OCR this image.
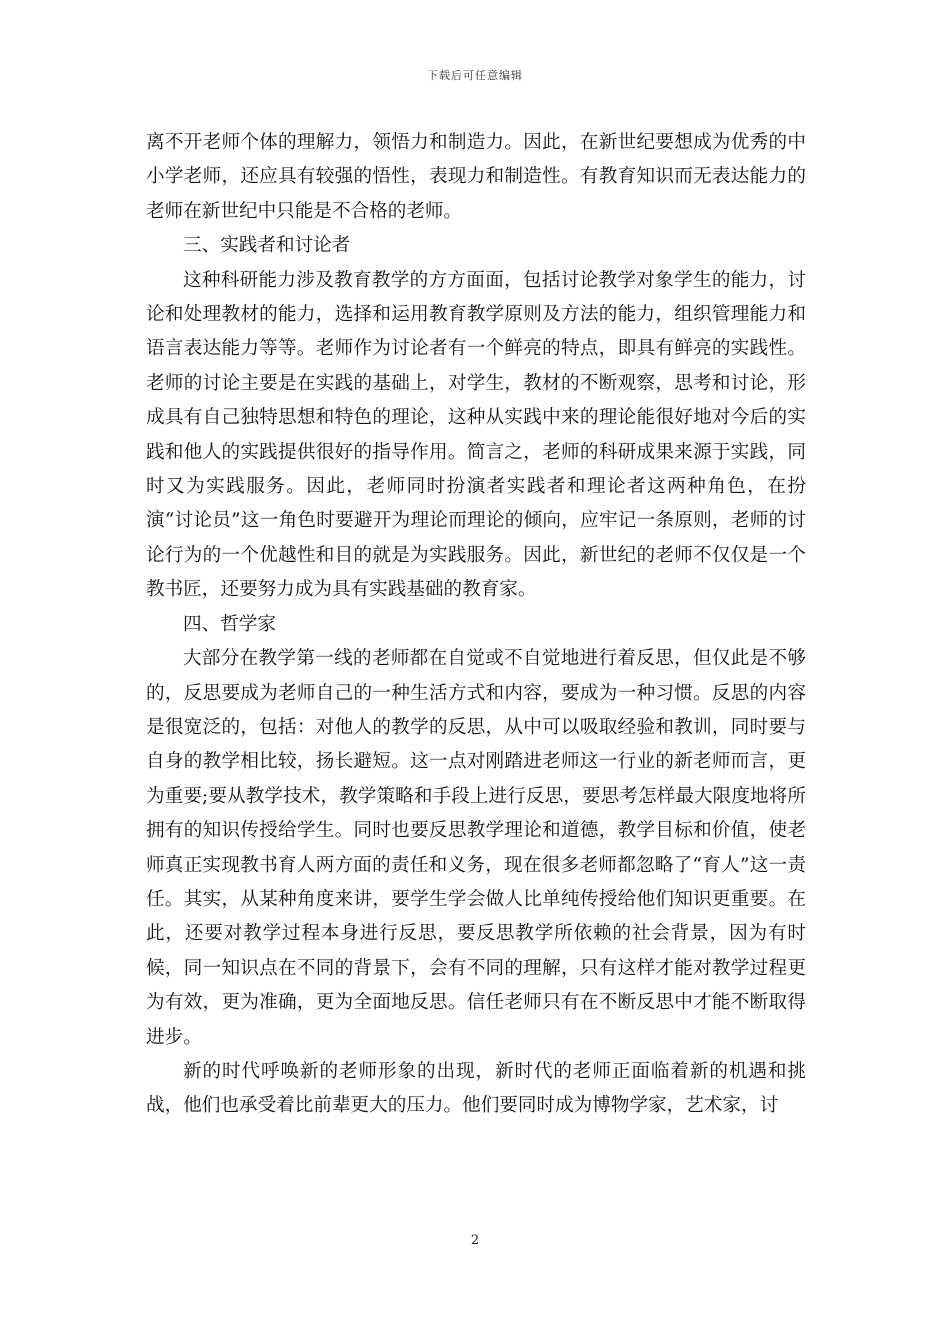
下载后可任意编辑

离不开老师个体的理解力，领悟力和制造力。因此，在新世纪要想成为优秀的中小学老师，还应具有较强的悟性，表现力和制造性。有教育知识而无表达能力的老师在新世纪中只能是不合格的老师。

三、实践者和讨论者

这种科研能力涉及教育教学的方方面面，包括讨论教学对象学生的能力，讨论和处理教材的能力，选择和运用教育教学原则及方法的能力，组织管理能力和语言表达能力等等。老师作为讨论者有一个鲜亮的特点，即具有鲜亮的实践性。老师的讨论主要是在实践的基础上，对学生，教材的不断观察，思考和讨论，形成具有自己独特思想和特色的理论，这种从实践中来的理论能很好地对今后的实践和他人的实践提供很好的指导作用。简言之，老师的科研成果来源于实践，同时又为实践服务。因此，老师同时扮演者实践者和理论者这两种角色，在扮演“讨论员”这一角色时要避开为理论而理论的倾向，应牢记一条原则，老师的讨论行为的一个优越性和目的就是为实践服务。因此，新世纪的老师不仅仅是一个教书匠，还要努力成为具有实践基础的教育家。

四、哲学家

大部分在教学第一线的老师都在自觉或不自觉地进行着反思，但仅此是不够的，反思要成为老师自己的一种生活方式和内容，要成为一种习惯。反思的内容是很宽泛的，包括：对他人的教学的反思，从中可以吸取经验和教训，同时要与自身的教学相比较，扬长避短。这一点对刚踏进老师这一行业的新老师而言，更为重要;要从教学技术，教学策略和手段上进行反思，要思考怎样最大限度地将所拥有的知识传授给学生。同时也要反思教学理论和道德，教学目标和价值，使老师真正实现教书育人两方面的责任和义务，现在很多老师都忽略了“育人”这一责任。其实，从某种角度来讲，要学生学会做人比单纯传授给他们知识更重要。在此，还要对教学过程本身进行反思，要反思教学所依赖的社会背景，因为有时候，同一知识点在不同的背景下，会有不同的理解，只有这样才能对教学过程更为有效，更为准确，更为全面地反思。信任老师只有在不断反思中才能不断取得进步。

新的时代呼唤新的老师形象的出现，新时代的老师正面临着新的机遇和挑战，他们也承受着比前辈更大的压力。他们要同时成为博物学家，艺术家，讨

2
